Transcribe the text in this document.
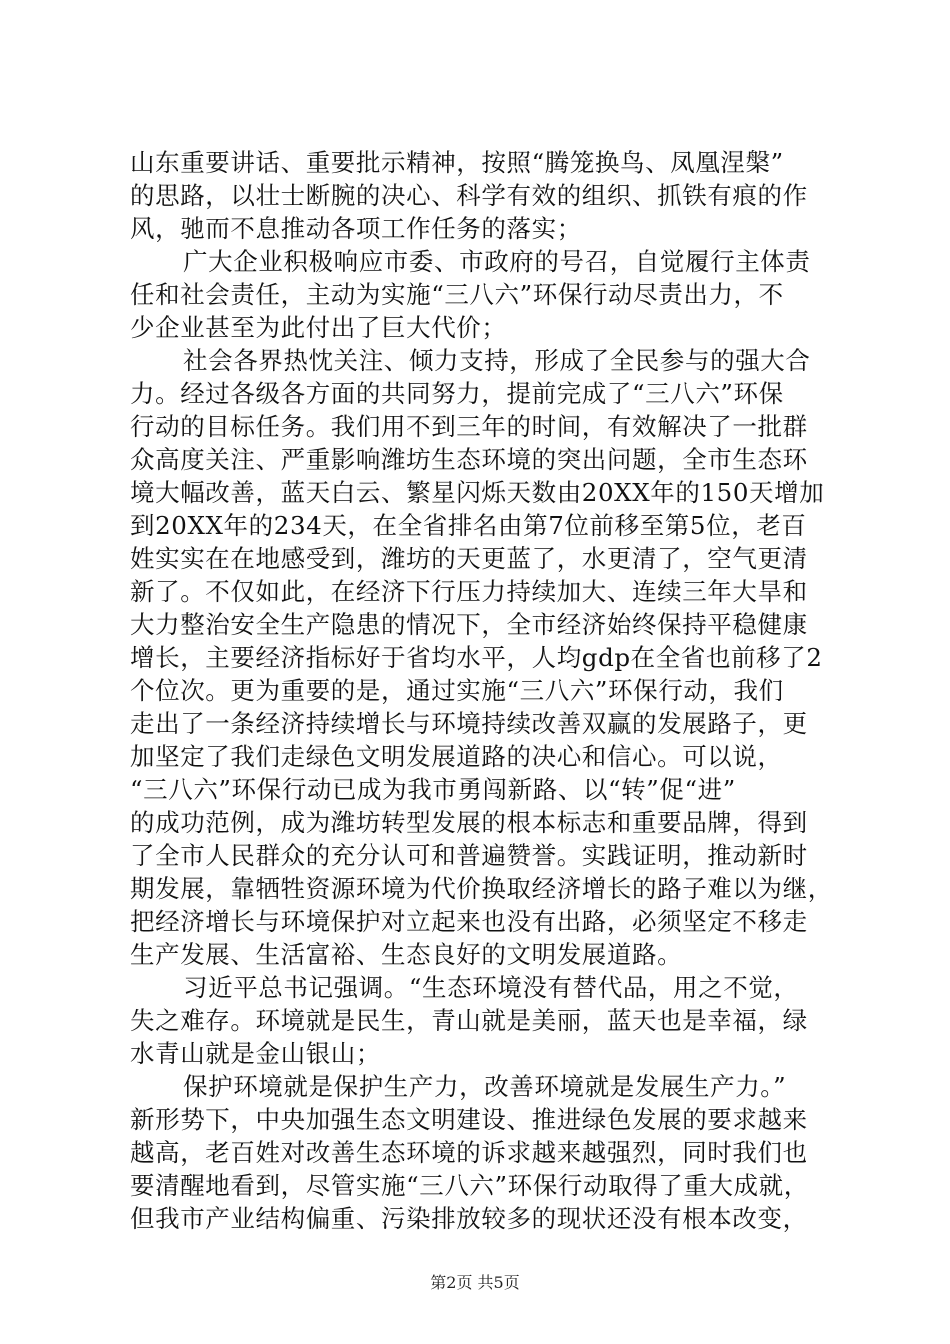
山东重要讲话、重要批示精神，按照“腾笼换鸟、凤凰涅槃”
的思路，以壮士断腕的决心、科学有效的组织、抓铁有痕的作
风，驰而不息推动各项工作任务的落实；
广大企业积极响应市委、市政府的号召，自觉履行主体责
任和社会责任，主动为实施“三八六”环保行动尽责出力，不
少企业甚至为此付出了巨大代价；
社会各界热忱关注、倾力支持，形成了全民参与的强大合
力。经过各级各方面的共同努力，提前完成了“三八六”环保
行动的目标任务。我们用不到三年的时间，有效解决了一批群
众高度关注、严重影响潍坊生态环境的突出问题，全市生态环
境大幅改善，蓝天白云、繁星闪烁天数由20XX年的150天增加
到20XX年的234天，在全省排名由第7位前移至第5位，老百
姓实实在在地感受到，潍坊的天更蓝了，水更清了，空气更清
新了。不仅如此，在经济下行压力持续加大、连续三年大旱和
大力整治安全生产隐患的情况下，全市经济始终保持平稳健康
增长，主要经济指标好于省均水平，人均gdp在全省也前移了2
个位次。更为重要的是，通过实施“三八六”环保行动，我们
走出了一条经济持续增长与环境持续改善双赢的发展路子，更
加坚定了我们走绿色文明发展道路的决心和信心。可以说，
“三八六”环保行动已成为我市勇闯新路、以“转”促“进”
的成功范例，成为潍坊转型发展的根本标志和重要品牌，得到
了全市人民群众的充分认可和普遍赞誉。实践证明，推动新时
期发展，靠牺牲资源环境为代价换取经济增长的路子难以为继，
把经济增长与环境保护对立起来也没有出路，必须坚定不移走
生产发展、生活富裕、生态良好的文明发展道路。
习近平总书记强调。“生态环境没有替代品，用之不觉，
失之难存。环境就是民生，青山就是美丽，蓝天也是幸福，绿
水青山就是金山银山；
保护环境就是保护生产力，改善环境就是发展生产力。”
新形势下，中央加强生态文明建设、推进绿色发展的要求越来
越高，老百姓对改善生态环境的诉求越来越强烈，同时我们也
要清醒地看到，尽管实施“三八六”环保行动取得了重大成就，
但我市产业结构偏重、污染排放较多的现状还没有根本改变，
第2页 共5页
